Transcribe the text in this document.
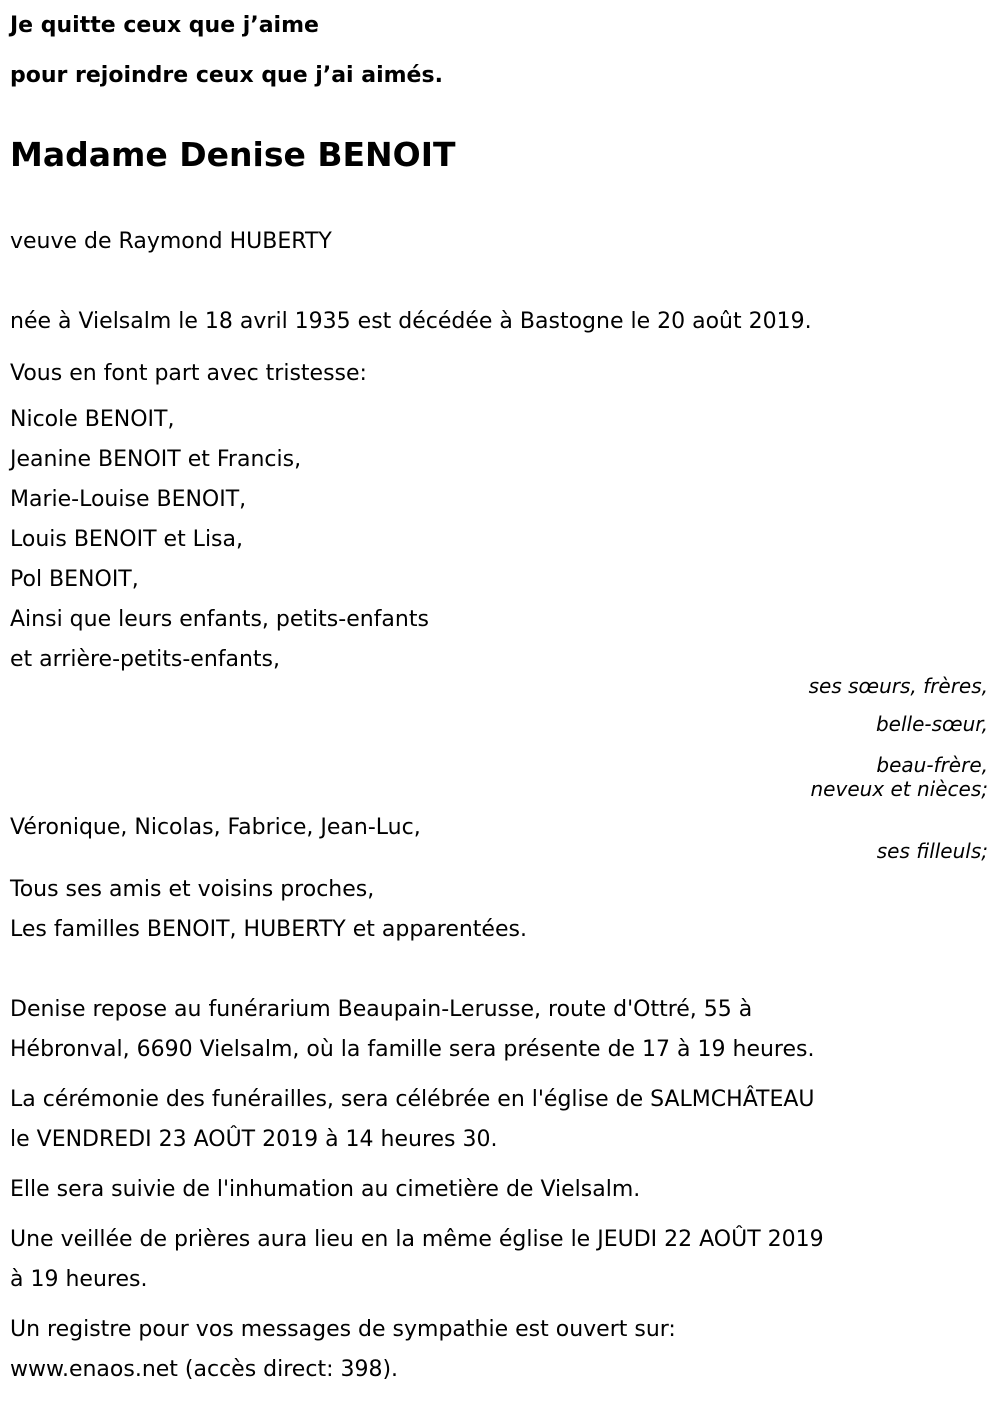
Je quitte ceux que j’aime
pour rejoindre ceux que j’ai aimés.
Madame Denise BENOIT
veuve de Raymond HUBERTY
née à Vielsalm le 18 avril 1935 est décédée à Bastogne le 20 août 2019.
Vous en font part avec tristesse:
Nicole BENOIT,
Jeanine BENOIT et Francis,
Marie-Louise BENOIT,
Louis BENOIT et Lisa,
Pol BENOIT,
Ainsi que leurs enfants, petits-enfants
et arrière-petits-enfants,
ses sœurs, frères,
belle-sœur,
beau-frère,
neveux et nièces;
Véronique, Nicolas, Fabrice, Jean-Luc,
ses filleuls;
Tous ses amis et voisins proches,
Les familles BENOIT, HUBERTY et apparentées.
Denise repose au funérarium Beaupain-Lerusse, route d'Ottré, 55 à
Hébronval, 6690 Vielsalm, où la famille sera présente de 17 à 19 heures.
La cérémonie des funérailles, sera célébrée en l'église de SALMCHÂTEAU
le VENDREDI 23 AOÛT 2019 à 14 heures 30.
Elle sera suivie de l'inhumation au cimetière de Vielsalm.
Une veillée de prières aura lieu en la même église le JEUDI 22 AOÛT 2019
à 19 heures.
Un registre pour vos messages de sympathie est ouvert sur:
www.enaos.net (accès direct: 398).
